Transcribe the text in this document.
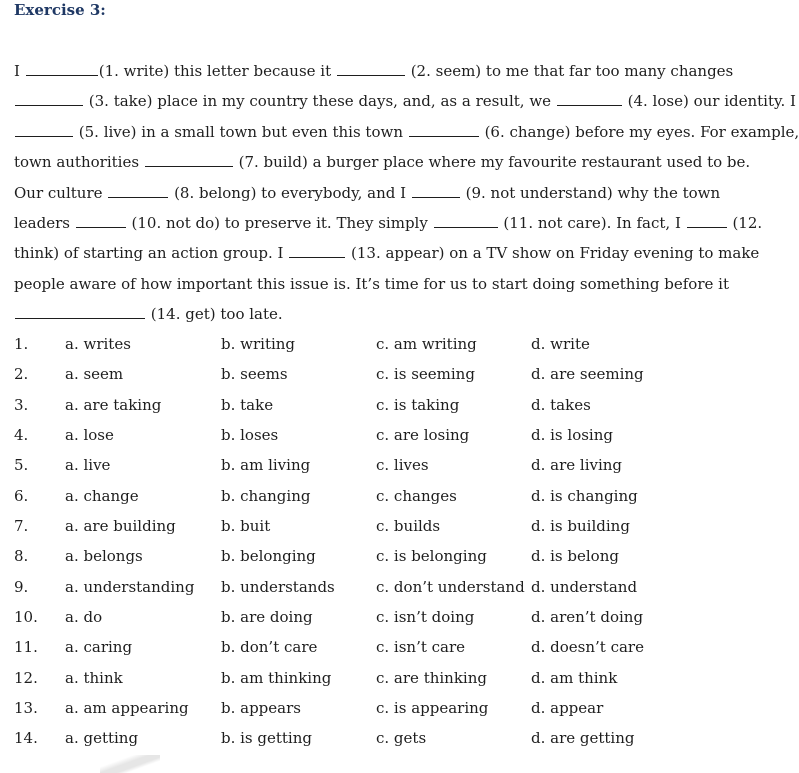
Exercise 3:
I	(1. write) this letter because it	(2. seem) to me that far too many changes
(3. take) place in my country these days, and, as a result, we	(4. lose) our identity. I
(5. live) in a small town but even this town	(6. change) before my eyes. For example,
town authorities	(7. build) a burger place where my favourite restaurant used to be.
Our culture	(8. belong) to everybody, and I	(9. not understand) why the town
leaders	(10. not do) to preserve it. They simply	(11. not care). In fact, I	(12.
think) of starting an action group. I	(13. appear) on a TV show on Friday evening to make
people aware of how important this issue is. It’s time for us to start doing something before it
(14. get) too late.
1. a. writes	b. writing	c. am writing	d. write
2. a. seem	b. seems	c. is seeming	d. are seeming
3. a. are taking	b. take	c. is taking	d. takes
4. a. lose	b. loses	c. are losing	d. is losing
5. a. live	b. am living	c. lives	d. are living
6. a. change	b. changing	c. changes	d. is changing
7. a. are building	b. buit	c. builds	d. is building
8. a. belongs	b. belonging	c. is belonging	d. is belong
9. a. understanding b. understands	c. don’t understand d. understand
10. a. do	b. are doing	c. isn’t doing	d. aren’t doing
11. a. caring	b. don’t care	c. isn’t care	d. doesn’t care
12. a. think	b. am thinking	c. are thinking	d. am think
13. a. am appearing b. appears	c. is appearing	d. appear
14. a. getting	b. is getting	c. gets	d. are getting
